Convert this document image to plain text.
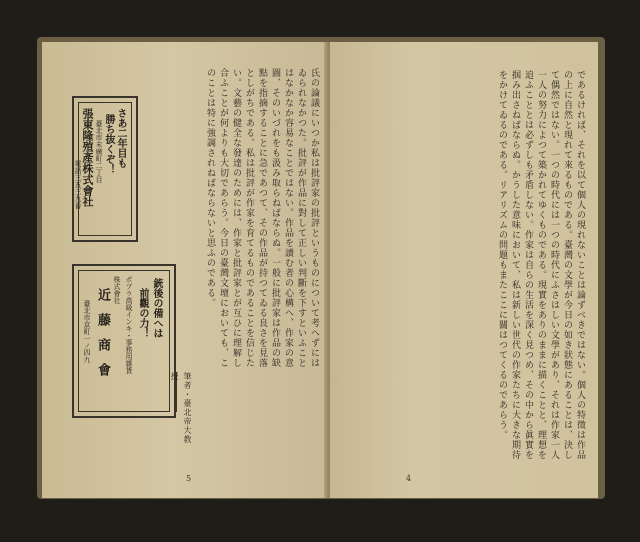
氏の論議にいつか私は批評家の批評というものについて考へずにはゐられなかつた。批評が作品に對して正しい判斷を下すといふことはなかなか容易なことではない。作品を讀む者の心構へ、作家の意圖、そのいづれをも汲み取らねばならぬ。一般に批評家は作品の缺點を指摘することに急であつて、その作品が持つてゐる良さを見落としがちである。私は批評が作家を育てるものであることを信じたい。文藝の健全な發達のためには、作家と批評家とが互ひに理解し合ふことが何よりも大切であらう。今日の臺灣文壇においても、このことは特に強調されねばならないと思ふのである。
さあ二年目も
勝ち抜くぞ！
臺北市末廣町二丁目
張東隆殖產株式會社
電話三五三九番
銃後の備へは
前觀の力！
ポプラ高級インキ・事務用雜貨
株式會社
近藤商會
臺北市京町一ノ四九
筆者・臺北帝大教授
5
であるければ、それを以て個人の現れないことは論ずべきではない。個人の特徵は作品の上に自然と現れて來るものである。臺灣の文學が今日の如き狀態にあることは、決して偶然ではない。一つの時代には一つの時代にふさはしい文學があり、それは作家一人一人の努力によつて築かれてゆくものである。現實をありのままに描くことと、理想を追ふこととは必ずしも矛盾しない。作家は自らの生活を深く見つめ、その中から眞實を掴み出さねばならぬ。かうした意味において、私は新しい世代の作家たちに大きな期待をかけてゐるのである。リアリズムの問題もまたここに關はつてくるのであらう。
4
